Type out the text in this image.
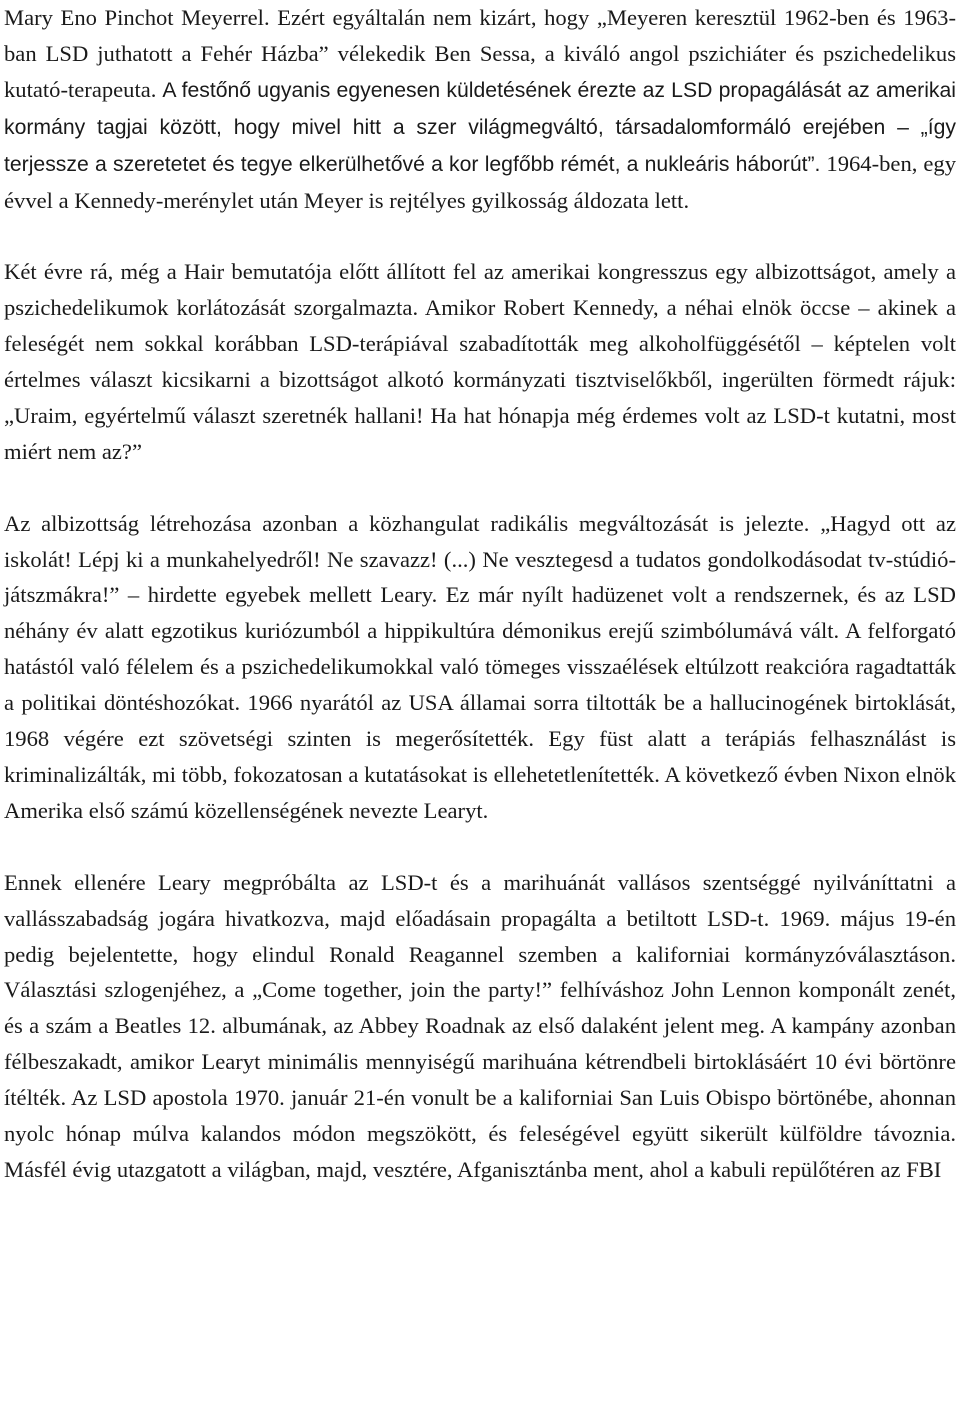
Mary Eno Pinchot Meyerrel. Ezért egyáltalán nem kizárt, hogy „Meyeren keresztül 1962-ben és 1963-ban LSD juthatott a Fehér Házba” vélekedik Ben Sessa, a kiváló angol pszichiáter és pszichedelikus kutató-terapeuta. A festőnő ugyanis egyenesen küldetésének érezte az LSD propagálását az amerikai kormány tagjai között, hogy mivel hitt a szer világmegváltó, társadalomformáló erejében – „így terjessze a szeretetet és tegye elkerülhetővé a kor legfőbb rémét, a nukleáris háborút”. 1964-ben, egy évvel a Kennedy-merénylet után Meyer is rejtélyes gyilkosság áldozata lett.

Két évre rá, még a Hair bemutatója előtt állított fel az amerikai kongresszus egy albizottságot, amely a pszichedelikumok korlátozását szorgalmazta. Amikor Robert Kennedy, a néhai elnök öccse – akinek a feleségét nem sokkal korábban LSD-terápiával szabadították meg alkoholfüggésétől – képtelen volt értelmes választ kicsikarni a bizottságot alkotó kormányzati tisztviselőkből, ingerülten förmedt rájuk: „Uraim, egyértelmű választ szeretnék hallani! Ha hat hónapja még érdemes volt az LSD-t kutatni, most miért nem az?”

Az albizottság létrehozása azonban a közhangulat radikális megváltozását is jelezte. „Hagyd ott az iskolát! Lépj ki a munkahelyedről! Ne szavazz! (...) Ne vesztegesd a tudatos gondolkodásodat tv-stúdió-játszmákra!” – hirdette egyebek mellett Leary. Ez már nyílt hadüzenet volt a rendszernek, és az LSD néhány év alatt egzotikus kuriózumból a hippikultúra démonikus erejű szimbólumává vált. A felforgató hatástól való félelem és a pszichedelikumokkal való tömeges visszaélések eltúlzott reakcióra ragadtatták a politikai döntéshozókat. 1966 nyarától az USA államai sorra tiltották be a hallucinogének birtoklását, 1968 végére ezt szövetségi szinten is megerősítették. Egy füst alatt a terápiás felhasználást is kriminalizálták, mi több, fokozatosan a kutatásokat is ellehetetlenítették. A következő évben Nixon elnök Amerika első számú közellenségének nevezte Learyt.

Ennek ellenére Leary megpróbálta az LSD-t és a marihuánát vallásos szentséggé nyilváníttatni a vallásszabadság jogára hivatkozva, majd előadásain propagálta a betiltott LSD-t. 1969. május 19-én pedig bejelentette, hogy elindul Ronald Reagannel szemben a kaliforniai kormányzóválasztáson. Választási szlogenjéhez, a „Come together, join the party!” felhíváshoz John Lennon komponált zenét, és a szám a Beatles 12. albumának, az Abbey Roadnak az első dalaként jelent meg. A kampány azonban félbeszakadt, amikor Learyt minimális mennyiségű marihuána kétrendbeli birtoklásáért 10 évi börtönre ítélték. Az LSD apostola 1970. január 21-én vonult be a kaliforniai San Luis Obispo börtönébe, ahonnan nyolc hónap múlva kalandos módon megszökött, és feleségével együtt sikerült külföldre távoznia. Másfél évig utazgatott a világban, majd, vesztére, Afganisztánba ment, ahol a kabuli repülőtéren az FBI
